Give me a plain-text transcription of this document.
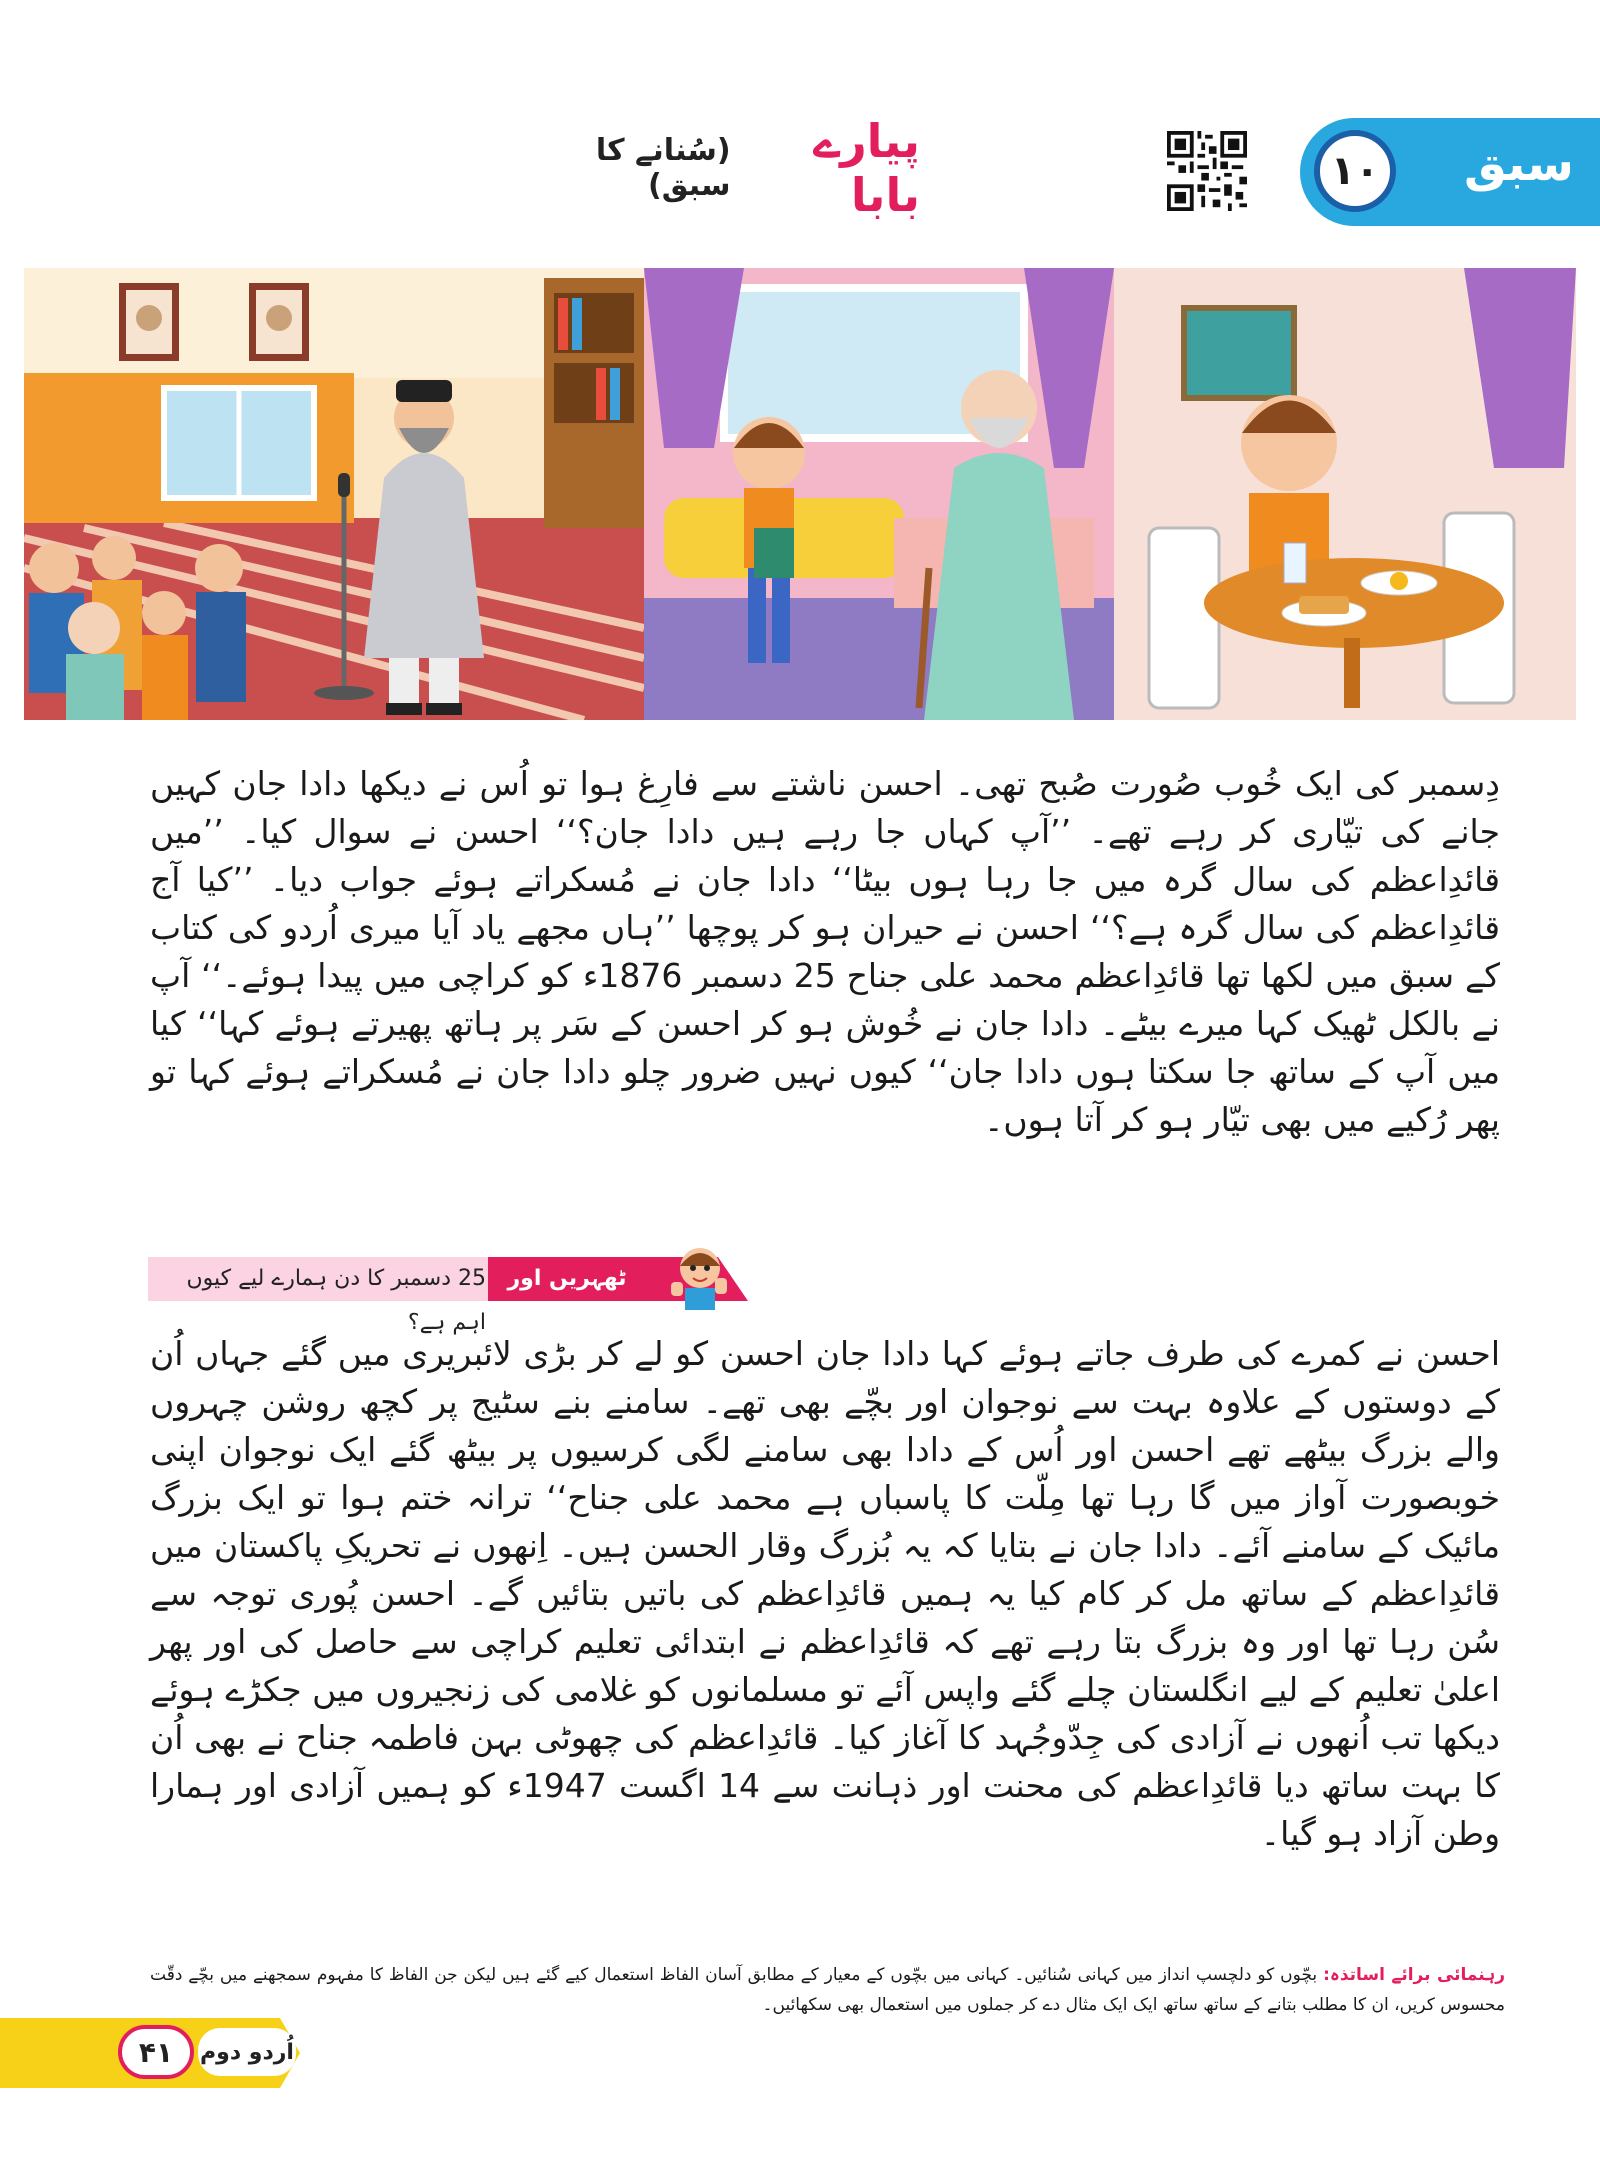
۱۰	سبق
پیارے بابا
(سُنانے کا سبق)
دِسمبر کی ایک خُوب صُورت صُبح تھی۔ احسن ناشتے سے فارِغ ہوا تو اُس نے دیکھا دادا جان کہیں جانے کی تیّاری کر رہے تھے۔ ’’آپ کہاں جا رہے ہیں دادا جان؟‘‘ احسن نے سوال کیا۔ ’’میں قائدِاعظم کی سال گرہ میں جا رہا ہوں بیٹا‘‘ دادا جان نے مُسکراتے ہوئے جواب دیا۔ ’’کیا آج قائدِاعظم کی سال گرہ ہے؟‘‘ احسن نے حیران ہو کر پوچھا ’’ہاں مجھے یاد آیا میری اُردو کی کتاب کے سبق میں لکھا تھا قائدِاعظم محمد علی جناح 25 دسمبر 1876ء کو کراچی میں پیدا ہوئے۔‘‘ آپ نے بالکل ٹھیک کہا میرے بیٹے۔ دادا جان نے خُوش ہو کر احسن کے سَر پر ہاتھ پھیرتے ہوئے کہا‘‘ کیا میں آپ کے ساتھ جا سکتا ہوں دادا جان‘‘ کیوں نہیں ضرور چلو دادا جان نے مُسکراتے ہوئے کہا تو پھر رُکیے میں بھی تیّار ہو کر آتا ہوں۔
25 دسمبر کا دن ہمارے لیے کیوں اہم ہے؟
ٹھہریں اور بتائیں
احسن نے کمرے کی طرف جاتے ہوئے کہا دادا جان احسن کو لے کر بڑی لائبریری میں گئے جہاں اُن کے دوستوں کے علاوہ بہت سے نوجوان اور بچّے بھی تھے۔ سامنے بنے سٹیج پر کچھ روشن چہروں والے بزرگ بیٹھے تھے احسن اور اُس کے دادا بھی سامنے لگی کرسیوں پر بیٹھ گئے ایک نوجوان اپنی خوبصورت آواز میں گا رہا تھا مِلّت کا پاسباں ہے محمد علی جناح‘‘ ترانہ ختم ہوا تو ایک بزرگ مائیک کے سامنے آئے۔ دادا جان نے بتایا کہ یہ بُزرگ وقار الحسن ہیں۔ اِنھوں نے تحریکِ پاکستان میں قائدِاعظم کے ساتھ مل کر کام کیا یہ ہمیں قائدِاعظم کی باتیں بتائیں گے۔ احسن پُوری توجہ سے سُن رہا تھا اور وہ بزرگ بتا رہے تھے کہ قائدِاعظم نے ابتدائی تعلیم کراچی سے حاصل کی اور پھر اعلیٰ تعلیم کے لیے انگلستان چلے گئے واپس آئے تو مسلمانوں کو غلامی کی زنجیروں میں جکڑے ہوئے دیکھا تب اُنھوں نے آزادی کی جِدّوجُہد کا آغاز کیا۔ قائدِاعظم کی چھوٹی بہن فاطمہ جناح نے بھی اُن کا بہت ساتھ دیا قائدِاعظم کی محنت اور ذہانت سے 14 اگست 1947ء کو ہمیں آزادی اور ہمارا وطن آزاد ہو گیا۔
رہنمائی برائے اساتذہ: بچّوں کو دلچسپ انداز میں کہانی سُنائیں۔ کہانی میں بچّوں کے معیار کے مطابق آسان الفاظ استعمال کیے گئے ہیں لیکن جن الفاظ کا مفہوم سمجھنے میں بچّے دقّت محسوس کریں، ان کا مطلب بتانے کے ساتھ ساتھ ایک ایک مثال دے کر جملوں میں استعمال بھی سکھائیں۔
۴۱	اُردو دوم
